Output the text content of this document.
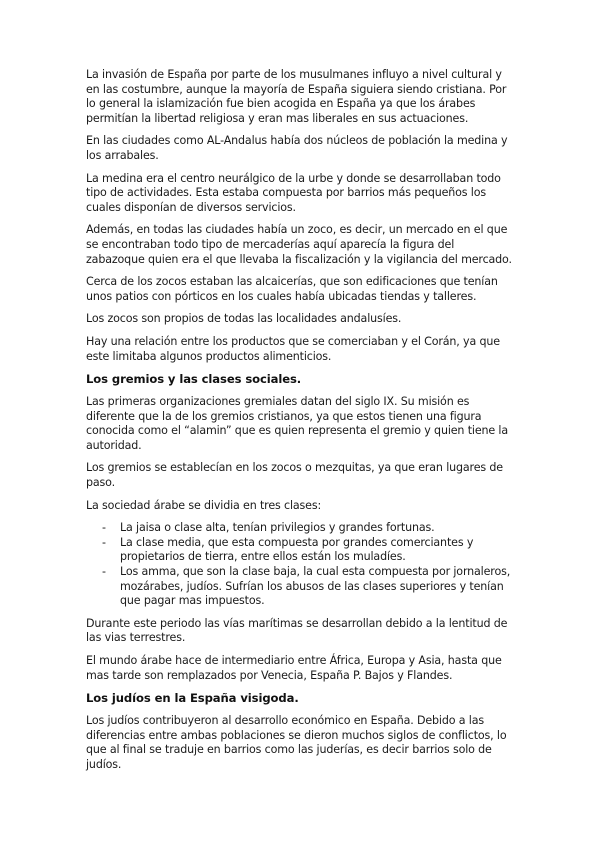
La invasión de España por parte de los musulmanes influyo a nivel cultural y en las costumbre, aunque la mayoría de España siguiera siendo cristiana. Por lo general la islamización fue bien acogida en España ya que los árabes permitían la libertad religiosa y eran mas liberales en sus actuaciones.

En las ciudades como AL-Andalus había dos núcleos de población la medina y los arrabales.

La medina era el centro neurálgico de la urbe y donde se desarrollaban todo tipo de actividades. Esta estaba compuesta por barrios más pequeños los cuales disponían de diversos servicios.

Además, en todas las ciudades había un zoco, es decir, un mercado en el que se encontraban todo tipo de mercaderías aquí aparecía la figura del zabazoque quien era el que llevaba la fiscalización y la vigilancia del mercado.

Cerca de los zocos estaban las alcaicerías, que son edificaciones que tenían unos patios con pórticos en los cuales había ubicadas tiendas y talleres.

Los zocos son propios de todas las localidades andalusíes.

Hay una relación entre los productos que se comerciaban y el Corán, ya que este limitaba algunos productos alimenticios.

Los gremios y las clases sociales.

Las primeras organizaciones gremiales datan del siglo IX. Su misión es diferente que la de los gremios cristianos, ya que estos tienen una figura conocida como el “alamin” que es quien representa el gremio y quien tiene la autoridad.

Los gremios se establecían en los zocos o mezquitas, ya que eran lugares de paso.

La sociedad árabe se dividia en tres clases:

- La jaisa o clase alta, tenían privilegios y grandes fortunas.
- La clase media, que esta compuesta por grandes comerciantes y propietarios de tierra, entre ellos están los muladíes.
- Los amma, que son la clase baja, la cual esta compuesta por jornaleros, mozárabes, judíos. Sufrían los abusos de las clases superiores y tenían que pagar mas impuestos.

Durante este periodo las vías marítimas se desarrollan debido a la lentitud de las vias terrestres.

El mundo árabe hace de intermediario entre África, Europa y Asia, hasta que mas tarde son remplazados por Venecia, España P. Bajos y Flandes.

Los judíos en la España visigoda.

Los judíos contribuyeron al desarrollo económico en España. Debido a las diferencias entre ambas poblaciones se dieron muchos siglos de conflictos, lo que al final se traduje en barrios como las juderías, es decir barrios solo de judíos.
